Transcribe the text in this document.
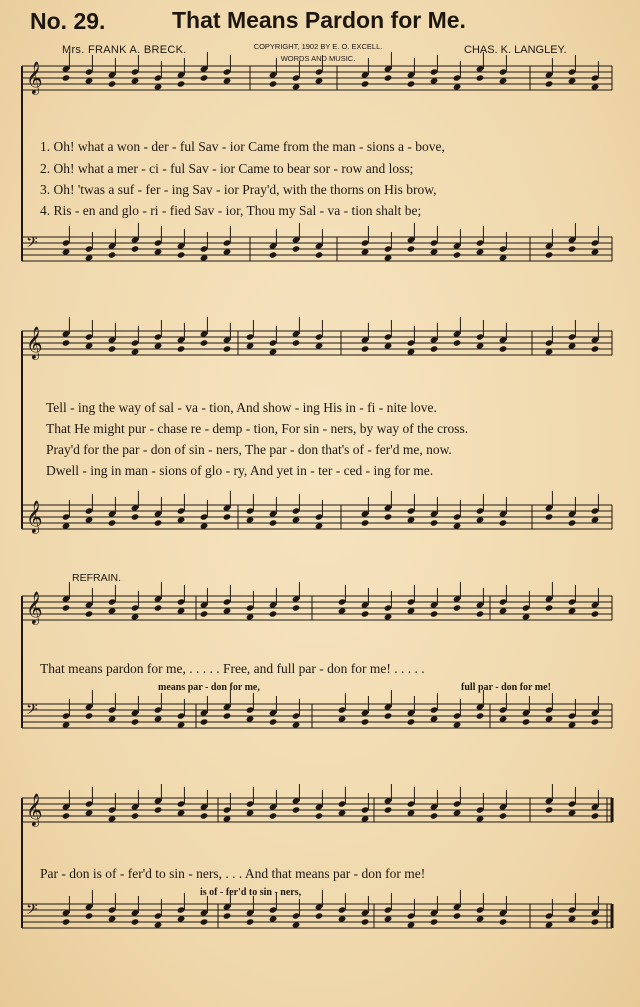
No. 29.	That Means Pardon for Me.
Mrs. FRANK A. BRECK.	COPYRIGHT, 1902 BY E. O. EXCELL.
WORDS AND MUSIC.
CHAS. K. LANGLEY.
REFRAIN.
1. Oh! what a won - der - ful Sav - ior Came from the man - sions a - bove,
2. Oh! what a mer - ci - ful Sav - ior Came to bear sor - row and loss;
3. Oh! 'twas a suf - fer - ing Sav - ior Pray'd, with the thorns on His brow,
4. Ris - en and glo - ri - fied Sav - ior, Thou my Sal - va - tion shalt be;
Tell - ing the way of sal - va - tion, And show - ing His in - fi - nite love.
That He might pur - chase re - demp - tion, For sin - ners, by way of the cross.
Pray'd for the par - don of sin - ners, The par - don that's of - fer'd me, now.
Dwell - ing in man - sions of glo - ry, And yet in - ter - ced - ing for me.
That means pardon for me, . . . . . Free, and full par - don for me! . . . . .
means par - don for me,	full par - don for me!
Par - don is of - fer'd to sin - ners, . . . And that means par - don for me!
is of - fer'd to sin - ners,
𝄞
𝄢
𝄞
𝄞
𝄞
𝄢
𝄞
𝄢
